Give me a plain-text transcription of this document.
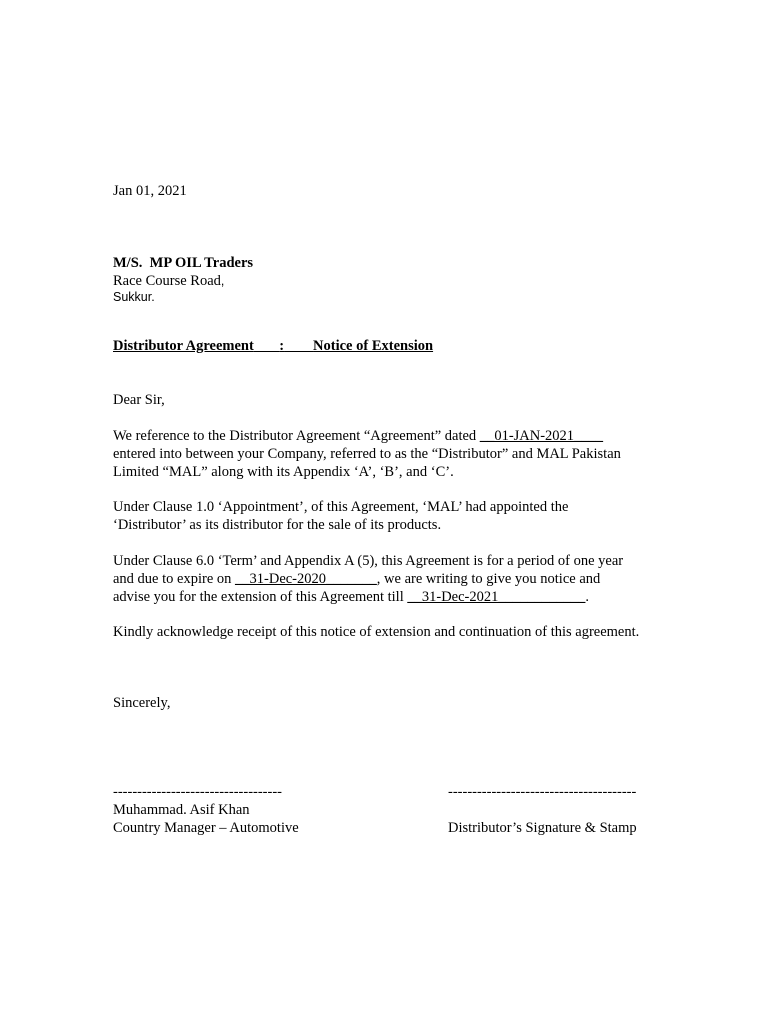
Jan 01, 2021
M/S.  MP OIL Traders
Race Course Road,
Sukkur.
Distributor Agreement : Notice of Extension
Dear Sir,
We reference to the Distributor Agreement “Agreement” dated __01-JAN-2021____
entered into between your Company, referred to as the “Distributor” and MAL Pakistan
Limited “MAL” along with its Appendix ‘A’, ‘B’, and ‘C’.
Under Clause 1.0 ‘Appointment’, of this Agreement, ‘MAL’ had appointed the
‘Distributor’ as its distributor for the sale of its products.
Under Clause 6.0 ‘Term’ and Appendix A (5), this Agreement is for a period of one year
and due to expire on __31-Dec-2020_______, we are writing to give you notice and
advise you for the extension of this Agreement till __31-Dec-2021____________.
Kindly acknowledge receipt of this notice of extension and continuation of this agreement.
Sincerely,
-----------------------------------
Muhammad. Asif Khan
Country Manager – Automotive
---------------------------------------
Distributor’s Signature & Stamp
